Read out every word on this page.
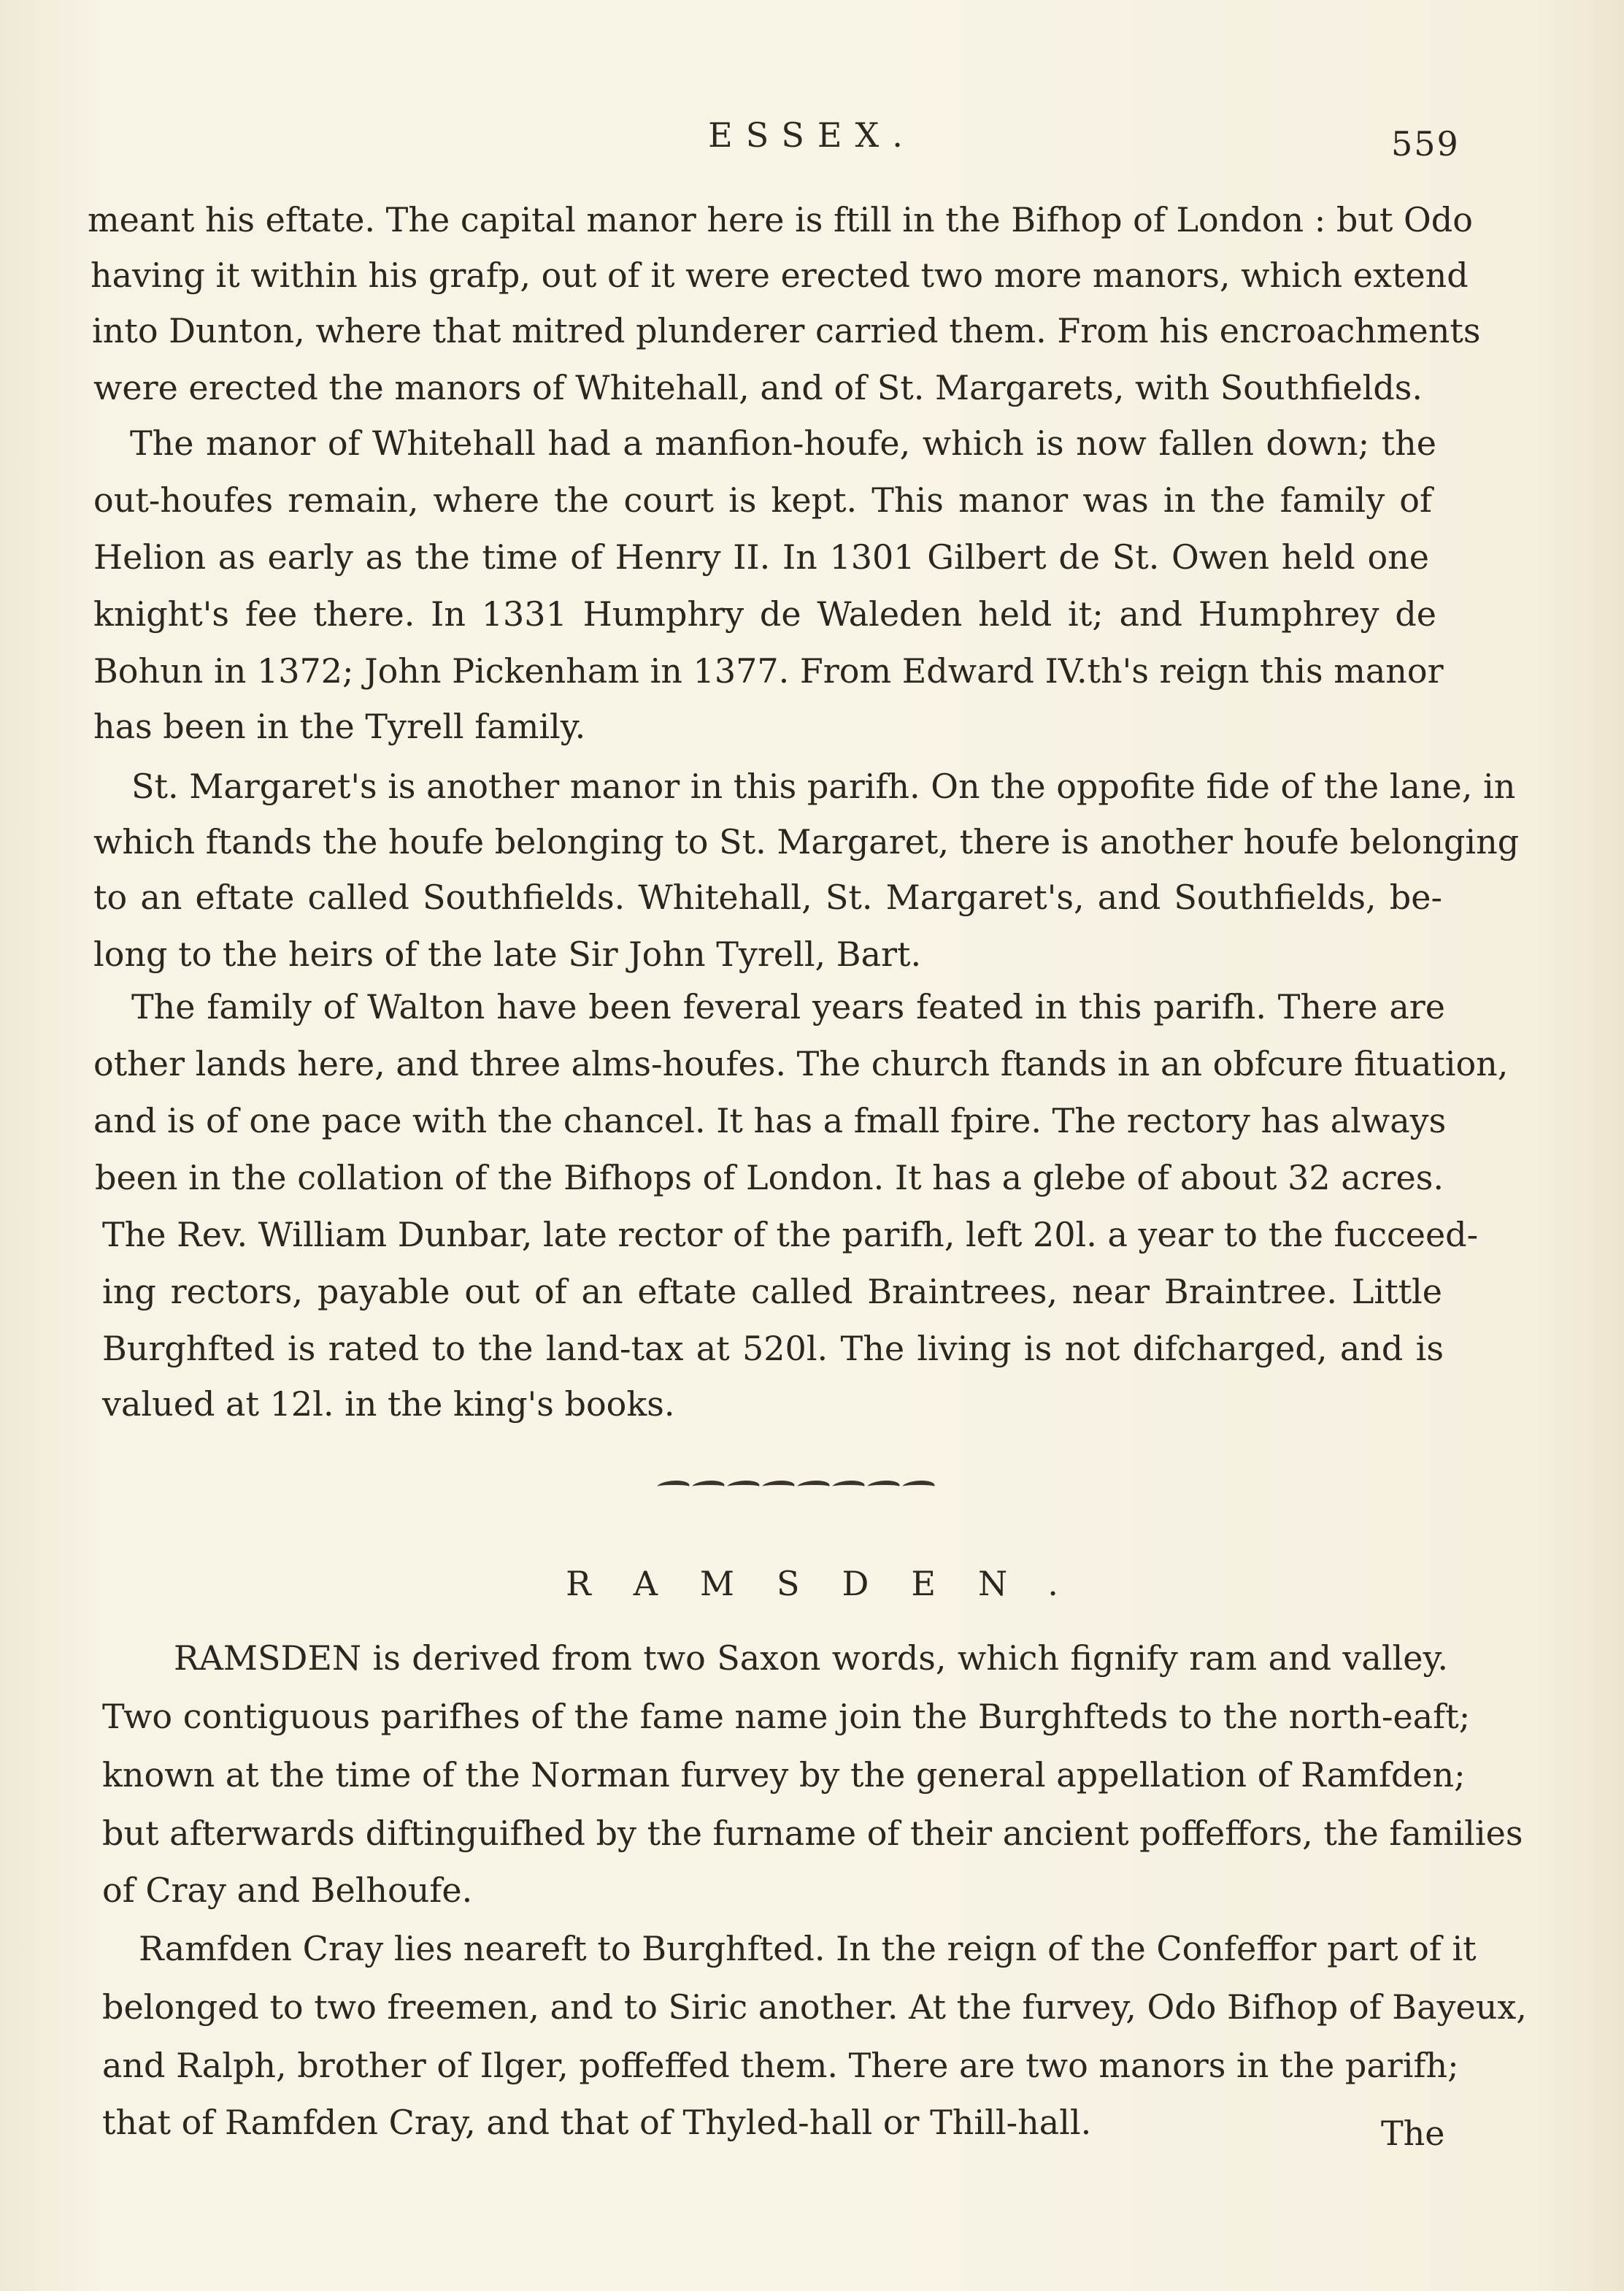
ESSEX.	559
meant his eftate. The capital manor here is ftill in the Bifhop of London : but Odo
having it within his grafp, out of it were erected two more manors, which extend
into Dunton, where that mitred plunderer carried them. From his encroachments
were erected the manors of Whitehall, and of St. Margarets, with Southfields.
The manor of Whitehall had a manfion-houfe, which is now fallen down; the
out-houfes remain, where the court is kept. This manor was in the family of
Helion as early as the time of Henry II. In 1301 Gilbert de St. Owen held one
knight's fee there. In 1331 Humphry de Waleden held it; and Humphrey de
Bohun in 1372; John Pickenham in 1377. From Edward IV.th's reign this manor
has been in the Tyrell family.
St. Margaret's is another manor in this parifh. On the oppofite fide of the lane, in
which ftands the houfe belonging to St. Margaret, there is another houfe belonging
to an eftate called Southfields. Whitehall, St. Margaret's, and Southfields, be-
long to the heirs of the late Sir John Tyrell, Bart.
The family of Walton have been feveral years feated in this parifh. There are
other lands here, and three alms-houfes. The church ftands in an obfcure fituation,
and is of one pace with the chancel. It has a fmall fpire. The rectory has always
been in the collation of the Bifhops of London. It has a glebe of about 32 acres.
The Rev. William Dunbar, late rector of the parifh, left 20l. a year to the fucceed-
ing rectors, payable out of an eftate called Braintrees, near Braintree. Little
Burghfted is rated to the land-tax at 520l. The living is not difcharged, and is
valued at 12l. in the king's books.
RAMSDEN.
RAMSDEN is derived from two Saxon words, which fignify ram and valley.
Two contiguous parifhes of the fame name join the Burghfteds to the north-eaft;
known at the time of the Norman furvey by the general appellation of Ramfden;
but afterwards diftinguifhed by the furname of their ancient poffeffors, the families
of Cray and Belhoufe.
Ramfden Cray lies neareft to Burghfted. In the reign of the Confeffor part of it
belonged to two freemen, and to Siric another. At the furvey, Odo Bifhop of Bayeux,
and Ralph, brother of Ilger, poffeffed them. There are two manors in the parifh;
that of Ramfden Cray, and that of Thyled-hall or Thill-hall.	The
